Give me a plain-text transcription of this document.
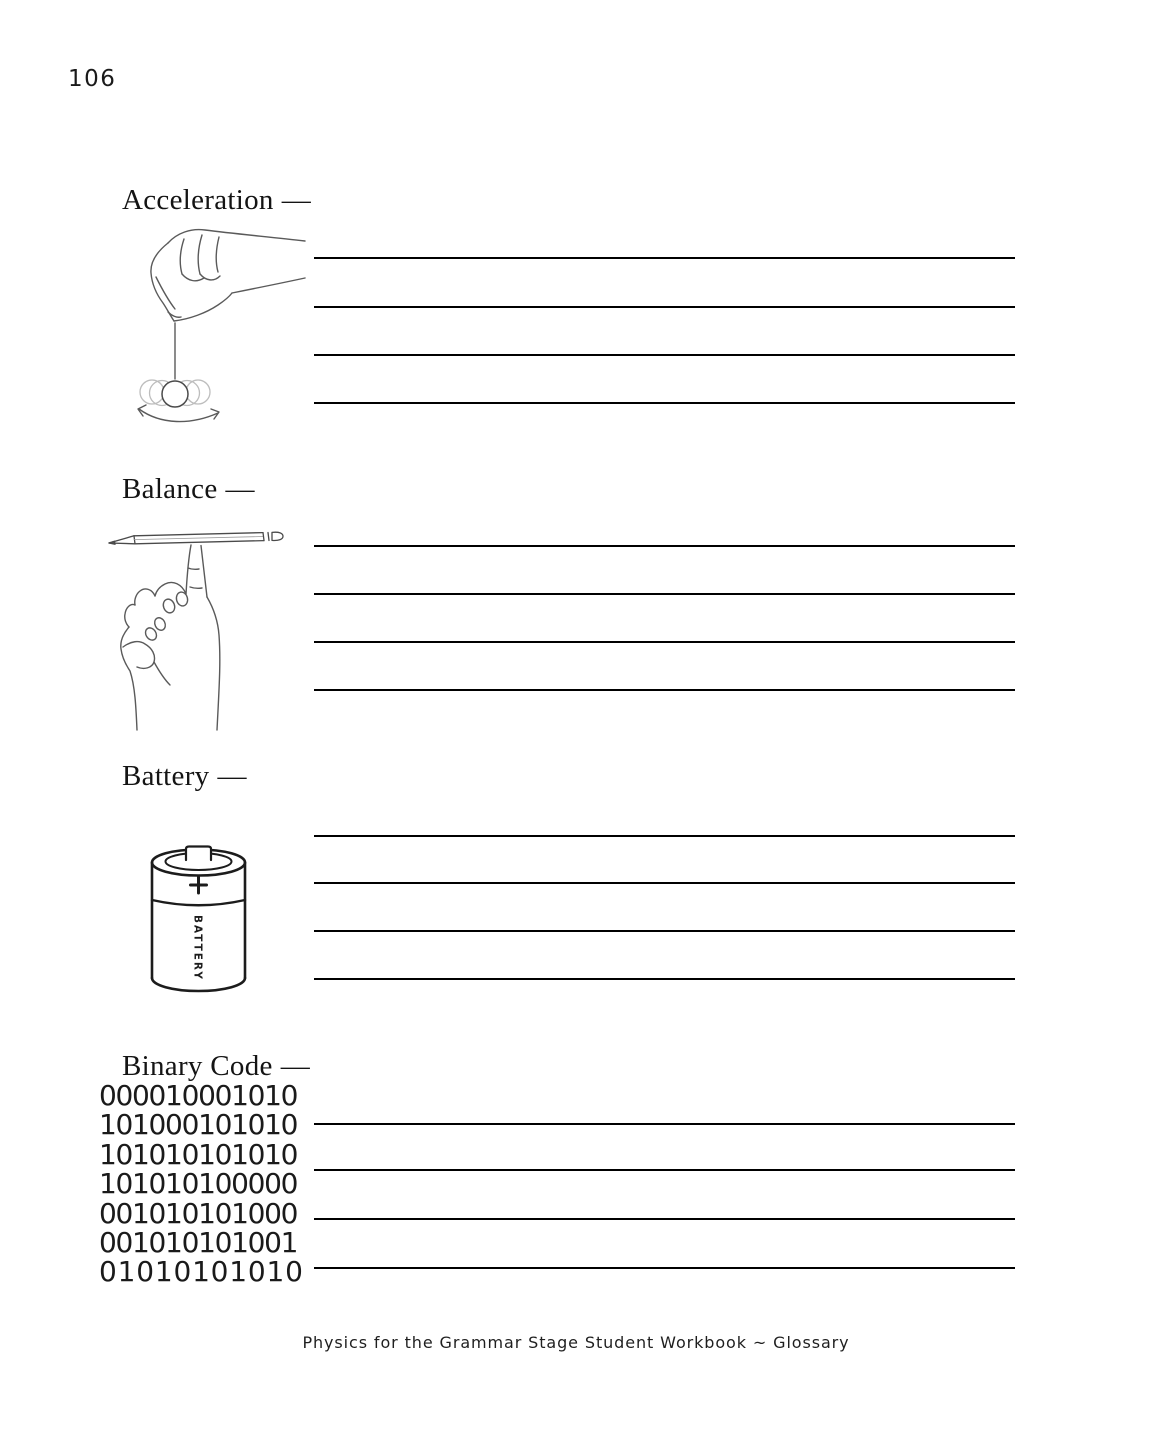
106
Acceleration —
Balance —
Battery —
BATTERY
Binary Code —
000010001010
101000101010
101010101010
101010100000
001010101000
001010101001
01010101010
Physics for the Grammar Stage Student Workbook ~ Glossary
